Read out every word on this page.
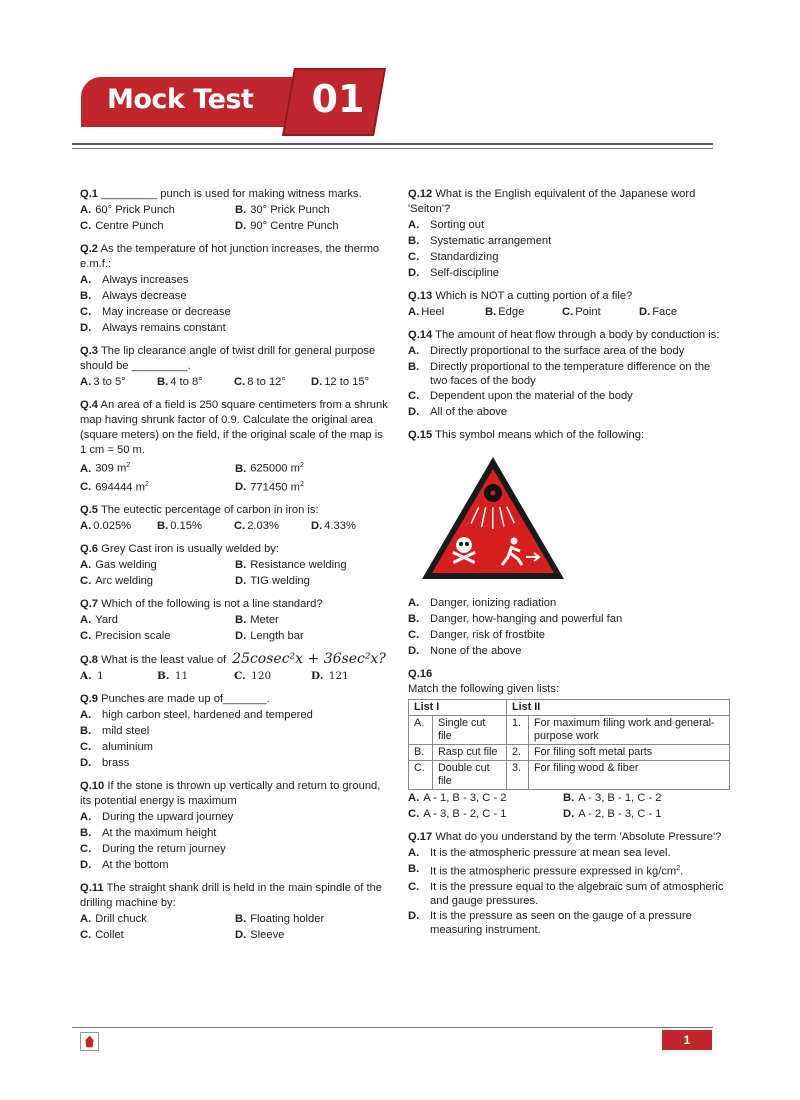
Mock Test 01
Q.1 _________ punch is used for making witness marks.
A. 60° Prick Punch	B. 30° Prick Punch
C. Centre Punch	D. 90° Centre Punch
Q.2 As the temperature of hot junction increases, the thermo e.m.f.:
A. Always increases
B. Always decrease
C. May increase or decrease
D. Always remains constant
Q.3 The lip clearance angle of twist drill for general purpose should be _________.
A. 3 to 5°	B. 4 to 8°	C. 8 to 12°	D. 12 to 15°
Q.4 An area of a field is 250 square centimeters from a shrunk map having shrunk factor of 0.9. Calculate the original area (square meters) on the field, if the original scale of the map is 1 cm = 50 m.
A. 309 $m^2$	B. 625000 $m^2$
C. 694444 $m^2$	D. 771450 $m^2$
Q.5 The eutectic percentage of carbon in iron is:
A. 0.025%	B. 0.15%	C. 2.03%	D. 4.33%
Q.6 Grey Cast iron is usually welded by:
A. Gas welding	B. Resistance welding
C. Arc welding	D. TIG welding
Q.7 Which of the following is not a line standard?
A. Yard	B. Meter
C. Precision scale	D. Length bar
Q.8 What is the least value of 25cosec²x + 36sec²x?
A. 1	B. 11	C. 120	D. 121
Q.9 Punches are made up of_______.
A. high carbon steel, hardened and tempered
B. mild steel
C. aluminium
D. brass
Q.10 If the stone is thrown up vertically and return to ground, its potential energy is maximum
A. During the upward journey
B. At the maximum height
C. During the return journey
D. At the bottom
Q.11 The straight shank drill is held in the main spindle of the drilling machine by:
A. Drill chuck	B. Floating holder
C. Collet	D. Sleeve
Q.12 What is the English equivalent of the Japanese word 'Seiton'?
A. Sorting out
B. Systematic arrangement
C. Standardizing
D. Self-discipline
Q.13 Which is NOT a cutting portion of a file?
A. Heel	B. Edge	C. Point	D. Face
Q.14 The amount of heat flow through a body by conduction is:
A. Directly proportional to the surface area of the body
B. Directly proportional to the temperature difference on the two faces of the body
C. Dependent upon the material of the body
D. All of the above
Q.15 This symbol means which of the following:
A. Danger, ionizing radiation
B. Danger, how-hanging and powerful fan
C. Danger, risk of frostbite
D. None of the above
Q.16
Match the following given lists:
List I		List II	
A.	Single cut file	1.	For maximum filing work and general-purpose work
B.	Rasp cut file	2.	For filing soft metal parts
C.	Double cut file	3.	For filing wood & fiber
A. A - 1, B - 3, C - 2	B. A - 3, B - 1, C - 2
C. A - 3, B - 2, C - 1	D. A - 2, B - 3, C - 1
Q.17 What do you understand by the term 'Absolute Pressure'?
A. It is the atmospheric pressure at mean sea level.
B. It is the atmospheric pressure expressed in $kg/cm^2$.
C. It is the pressure equal to the algebraic sum of atmospheric and gauge pressures.
D. It is the pressure as seen on the gauge of a pressure measuring instrument.
1
